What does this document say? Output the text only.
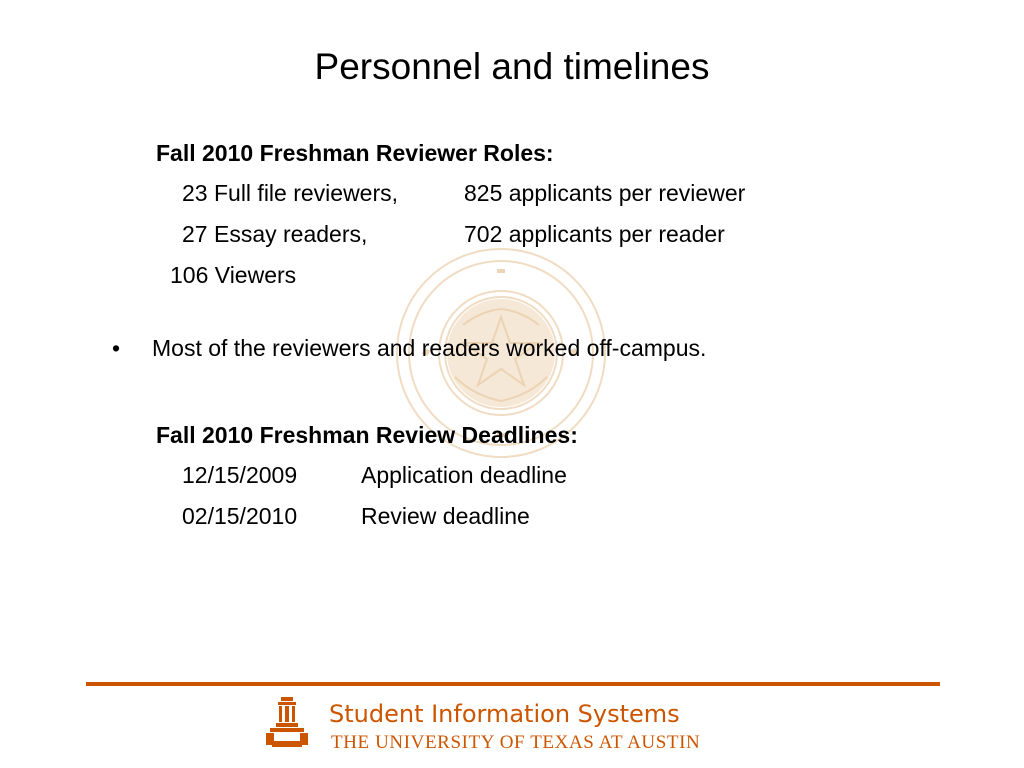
Personnel and timelines
Fall 2010 Freshman Reviewer Roles:
23 Full file reviewers,	825 applicants per reviewer
27 Essay readers,	702 applicants per reader
106 Viewers
• Most of the reviewers and readers worked off-campus.
Fall 2010 Freshman Review Deadlines:
12/15/2009	Application deadline
02/15/2010	Review deadline
Student Information Systems
THE UNIVERSITY OF TEXAS AT AUSTIN
